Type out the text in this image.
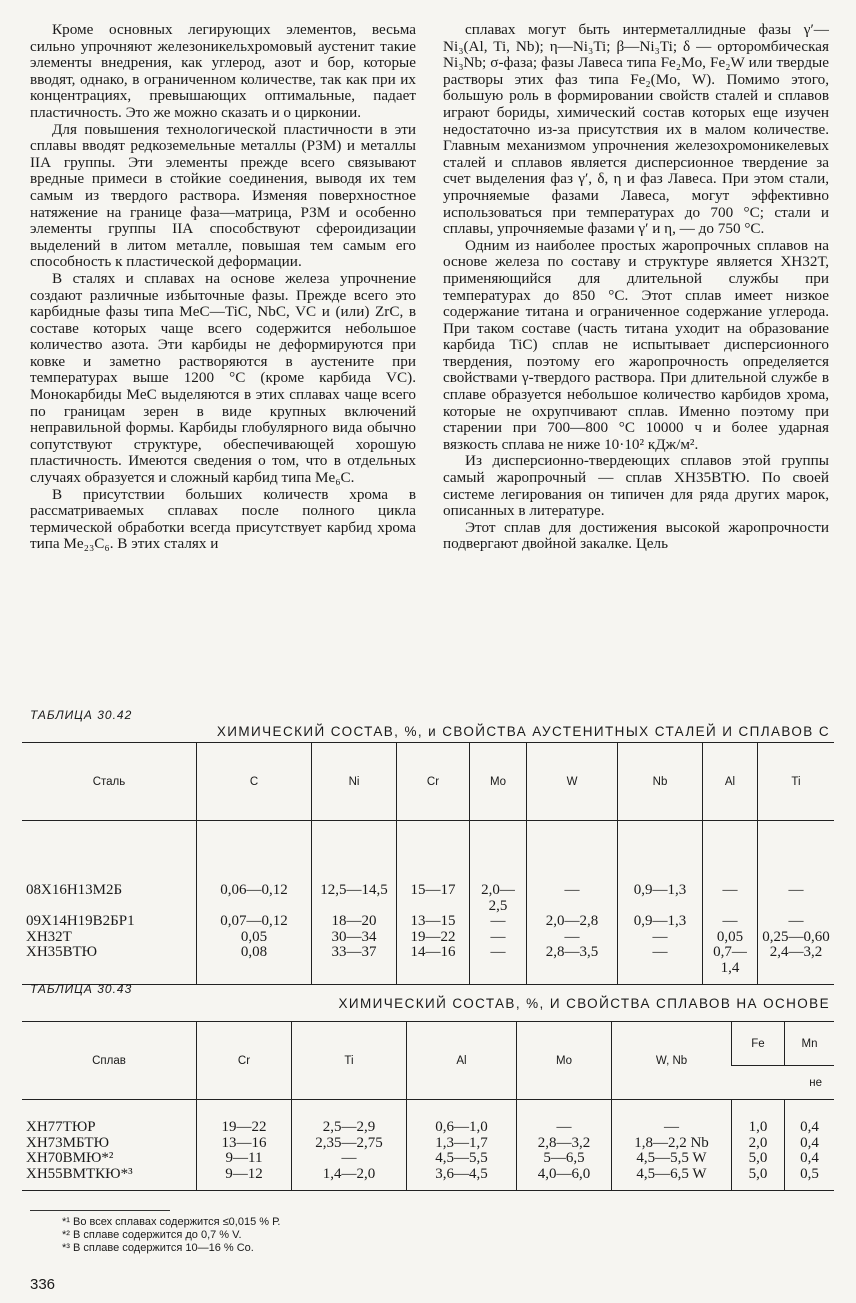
Кроме основных легирующих элементов, весьма сильно упрочняют железоникельхромовый аустенит такие элементы внедрения, как углерод, азот и бор, которые вводят, однако, в ограниченном количестве, так как при их концентрациях, превышающих оптимальные, падает пластичность. Это же можно сказать и о цирконии.

Для повышения технологической пластичности в эти сплавы вводят редкоземельные металлы (РЗМ) и металлы IIА группы. Эти элементы прежде всего связывают вредные примеси в стойкие соединения, выводя их тем самым из твердого раствора. Изменяя поверхностное натяжение на границе фаза—матрица, РЗМ и особенно элементы группы IIА способствуют сфероидизации выделений в литом металле, повышая тем самым его способность к пластической деформации.

В сталях и сплавах на основе железа упрочнение создают различные избыточные фазы. Прежде всего это карбидные фазы типа MeC—TiC, NbC, VC и (или) ZrC, в составе которых чаще всего содержится небольшое количество азота. Эти карбиды не деформируются при ковке и заметно растворяются в аустените при температурах выше 1200 °С (кроме карбида VC). Монокарбиды MeC выделяются в этих сплавах чаще всего по границам зерен в виде крупных включений неправильной формы. Карбиды глобулярного вида обычно сопутствуют структуре, обеспечивающей хорошую пластичность. Имеются сведения о том, что в отдельных случаях образуется и сложный карбид типа Me₆C.

В присутствии больших количеств хрома в рассматриваемых сплавах после полного цикла термической обработки всегда присутствует карбид хрома типа Me₂₃C₆. В этих сталях и

сплавах могут быть интерметаллидные фазы γ′—Ni₃(Al, Ti, Nb); η—Ni₃Ti; β—Ni₃Ti; δ — орторомбическая Ni₃Nb; σ-фаза; фазы Лавеса типа Fe₂Mo, Fe₂W или твердые растворы этих фаз типа Fe₂(Mo, W). Помимо этого, большую роль в формировании свойств сталей и сплавов играют бориды, химический состав которых еще изучен недостаточно из-за присутствия их в малом количестве. Главным механизмом упрочнения железохромоникелевых сталей и сплавов является дисперсионное твердение за счет выделения фаз γ′, δ, η и фаз Лавеса. При этом стали, упрочняемые фазами Лавеса, могут эффективно использоваться при температурах до 700 °С; стали и сплавы, упрочняемые фазами γ′ и η, — до 750 °С.

Одним из наиболее простых жаропрочных сплавов на основе железа по составу и структуре является ХН32Т, применяющийся для длительной службы при температурах до 850 °С. Этот сплав имеет низкое содержание титана и ограниченное содержание углерода. При таком составе (часть титана уходит на образование карбида TiC) сплав не испытывает дисперсионного твердения, поэтому его жаропрочность определяется свойствами γ-твердого раствора. При длительной службе в сплаве образуется небольшое количество карбидов хрома, которые не охрупчивают сплав. Именно поэтому при старении при 700—800 °С 10000 ч и более ударная вязкость сплава не ниже 10·10² кДж/м².

Из дисперсионно-твердеющих сплавов этой группы самый жаропрочный — сплав ХН35ВТЮ. По своей системе легирования он типичен для ряда других марок, описанных в литературе.

Этот сплав для достижения высокой жаропрочности подвергают двойной закалке. Цель

ТАБЛИЦА 30.42
ХИМИЧЕСКИЙ СОСТАВ, %, и СВОЙСТВА АУСТЕНИТНЫХ СТАЛЕЙ И СПЛАВОВ С
Сталь	C	Ni	Cr	Mo	W	Nb	Al	Ti
08Х16Н13М2Б	0,06—0,12	12,5—14,5	15—17	2,0—2,5	—	0,9—1,3	—	—
09Х14Н19В2БР1	0,07—0,12	18—20	13—15	—	2,0—2,8	0,9—1,3	—	—
ХН32Т	0,05	30—34	19—22	—	—	—	0,05	0,25—0,60
ХН35ВТЮ	0,08	33—37	14—16	—	2,8—3,5	—	0,7—1,4	2,4—3,2
ТАБЛИЦА 30.43
ХИМИЧЕСКИЙ СОСТАВ, %, И СВОЙСТВА СПЛАВОВ НА ОСНОВЕ
Сплав	Cr	Ti	Al	Mo	W, Nb	Fe	Mn
						не	
ХН77ТЮР	19—22	2,5—2,9	0,6—1,0	—	—	1,0	0,4
ХН73МБТЮ	13—16	2,35—2,75	1,3—1,7	2,8—3,2	1,8—2,2 Nb	2,0	0,4
ХН70ВМЮ*²	9—11	—	4,5—5,5	5—6,5	4,5—5,5 W	5,0	0,4
ХН55ВМТКЮ*³	9—12	1,4—2,0	3,6—4,5	4,0—6,0	4,5—6,5 W	5,0	0,5
*¹ Во всех сплавах содержится ≤0,015 % Р.
*² В сплаве содержится до 0,7 % V.
*³ В сплаве содержится 10—16 % Со.
336
